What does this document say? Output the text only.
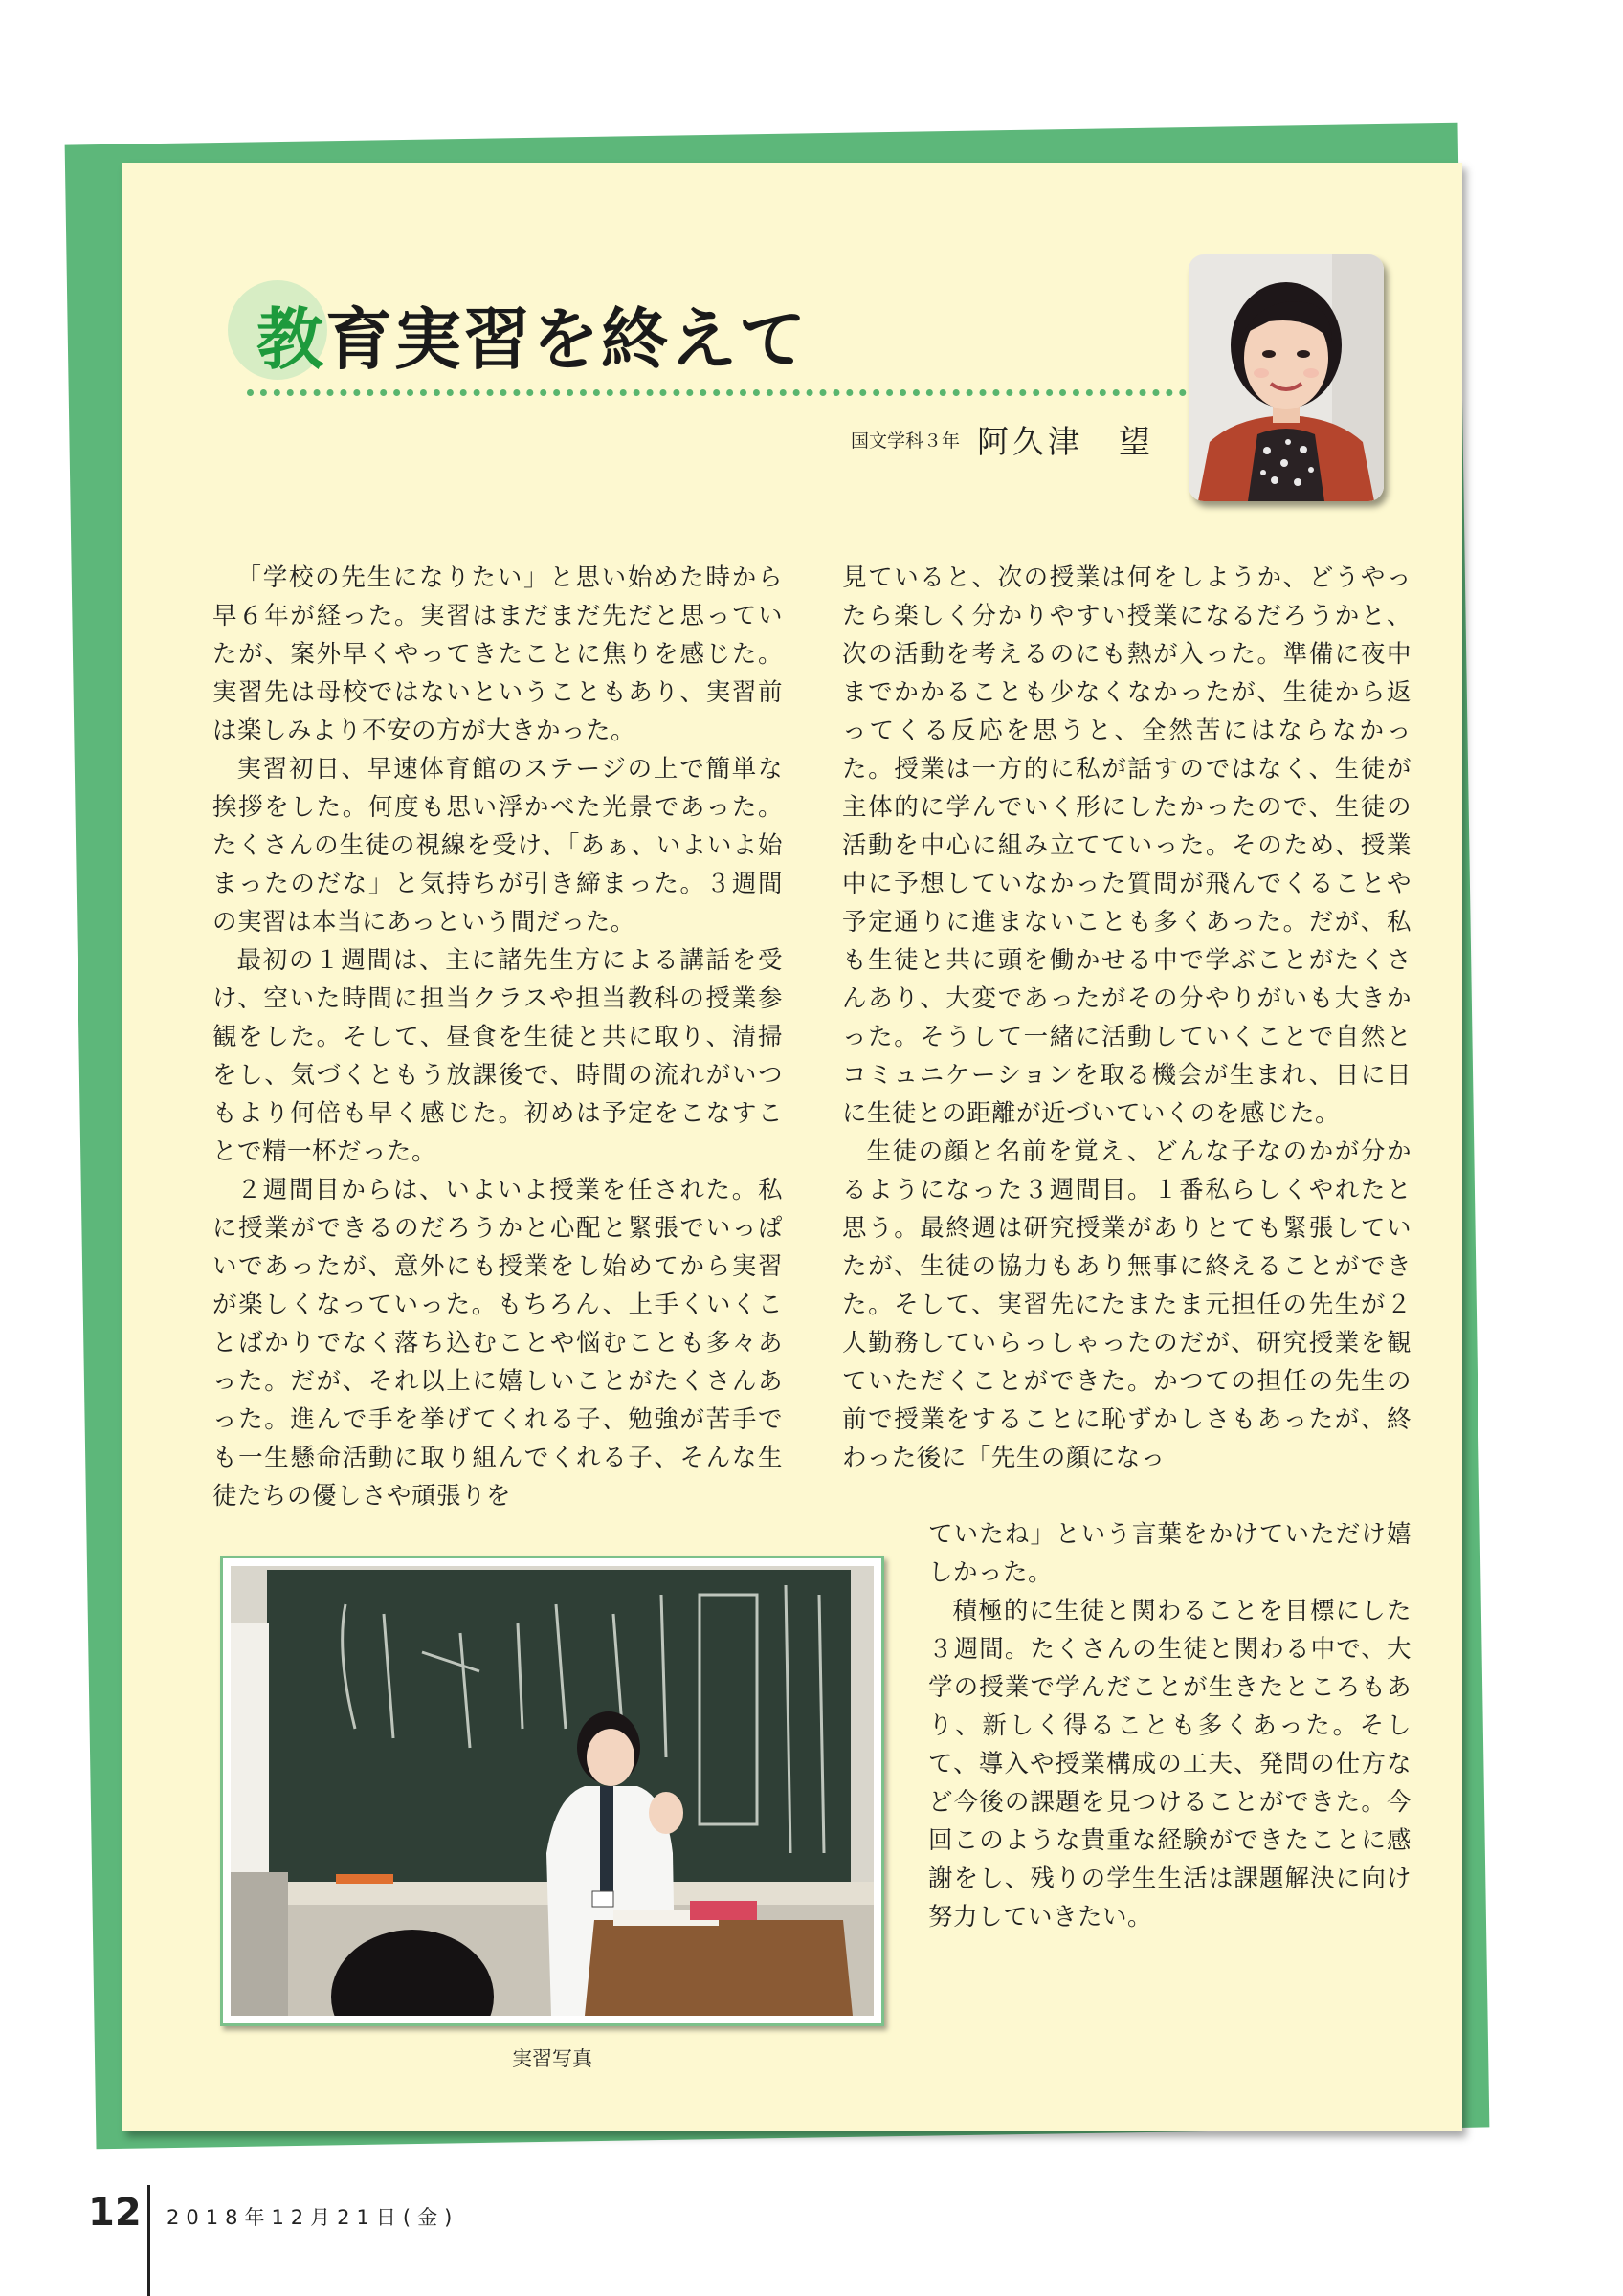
教育実習を終えて
国文学科３年 阿久津　望

「学校の先生になりたい」と思い始めた時から早６年が経った。実習はまだまだ先だと思っていたが、案外早くやってきたことに焦りを感じた。実習先は母校ではないということもあり、実習前は楽しみより不安の方が大きかった。

実習初日、早速体育館のステージの上で簡単な挨拶をした。何度も思い浮かべた光景であった。たくさんの生徒の視線を受け、「あぁ、いよいよ始まったのだな」と気持ちが引き締まった。３週間の実習は本当にあっという間だった。

最初の１週間は、主に諸先生方による講話を受け、空いた時間に担当クラスや担当教科の授業参観をした。そして、昼食を生徒と共に取り、清掃をし、気づくともう放課後で、時間の流れがいつもより何倍も早く感じた。初めは予定をこなすことで精一杯だった。

２週間目からは、いよいよ授業を任された。私に授業ができるのだろうかと心配と緊張でいっぱいであったが、意外にも授業をし始めてから実習が楽しくなっていった。もちろん、上手くいくことばかりでなく落ち込むことや悩むことも多々あった。だが、それ以上に嬉しいことがたくさんあった。進んで手を挙げてくれる子、勉強が苦手でも一生懸命活動に取り組んでくれる子、そんな生徒たちの優しさや頑張りを

見ていると、次の授業は何をしようか、どうやったら楽しく分かりやすい授業になるだろうかと、次の活動を考えるのにも熱が入った。準備に夜中までかかることも少なくなかったが、生徒から返ってくる反応を思うと、全然苦にはならなかった。授業は一方的に私が話すのではなく、生徒が主体的に学んでいく形にしたかったので、生徒の活動を中心に組み立てていった。そのため、授業中に予想していなかった質問が飛んでくることや予定通りに進まないことも多くあった。だが、私も生徒と共に頭を働かせる中で学ぶことがたくさんあり、大変であったがその分やりがいも大きかった。そうして一緒に活動していくことで自然とコミュニケーションを取る機会が生まれ、日に日に生徒との距離が近づいていくのを感じた。

生徒の顔と名前を覚え、どんな子なのかが分かるようになった３週間目。１番私らしくやれたと思う。最終週は研究授業がありとても緊張していたが、生徒の協力もあり無事に終えることができた。そして、実習先にたまたま元担任の先生が２人勤務していらっしゃったのだが、研究授業を観ていただくことができた。かつての担任の先生の前で授業をすることに恥ずかしさもあったが、終わった後に「先生の顔になっ

ていたね」という言葉をかけていただけ嬉しかった。

積極的に生徒と関わることを目標にした３週間。たくさんの生徒と関わる中で、大学の授業で学んだことが生きたところもあり、新しく得ることも多くあった。そして、導入や授業構成の工夫、発問の仕方など今後の課題を見つけることができた。今回このような貴重な経験ができたことに感謝をし、残りの学生生活は課題解決に向け努力していきたい。

実習写真
12 2018年12月21日(金)
